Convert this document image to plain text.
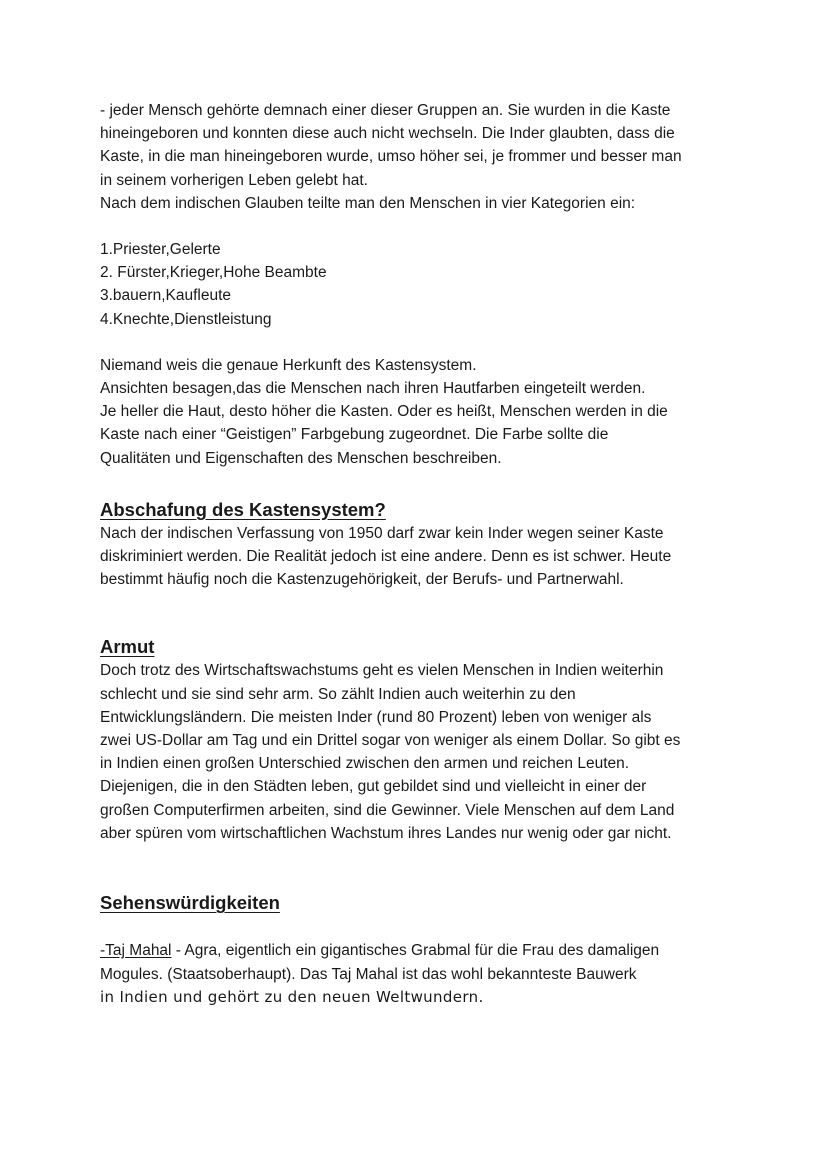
- jeder Mensch gehörte demnach einer dieser Gruppen an. Sie wurden in die Kaste

hineingeboren und konnten diese auch nicht wechseln. Die Inder glaubten, dass die

Kaste, in die man hineingeboren wurde, umso höher sei, je frommer und besser man

in seinem vorherigen Leben gelebt hat.

Nach dem indischen Glauben teilte man den Menschen in vier Kategorien ein:

1.Priester,Gelerte

2. Fürster,Krieger,Hohe Beambte

3.bauern,Kaufleute

4.Knechte,Dienstleistung

Niemand weis die genaue Herkunft des Kastensystem.

Ansichten besagen,das die Menschen nach ihren Hautfarben eingeteilt werden.

Je heller die Haut, desto höher die Kasten. Oder es heißt, Menschen werden in die

Kaste nach einer “Geistigen” Farbgebung zugeordnet. Die Farbe sollte die

Qualitäten und Eigenschaften des Menschen beschreiben.

Abschafung des Kastensystem?

Nach der indischen Verfassung von 1950 darf zwar kein Inder wegen seiner Kaste

diskriminiert werden. Die Realität jedoch ist eine andere. Denn es ist schwer. Heute

bestimmt häufig noch die Kastenzugehörigkeit, der Berufs- und Partnerwahl.

Armut

Doch trotz des Wirtschaftswachstums geht es vielen Menschen in Indien weiterhin

schlecht und sie sind sehr arm. So zählt Indien auch weiterhin zu den

Entwicklungsländern. Die meisten Inder (rund 80 Prozent) leben von weniger als

zwei US-Dollar am Tag und ein Drittel sogar von weniger als einem Dollar. So gibt es

in Indien einen großen Unterschied zwischen den armen und reichen Leuten.

Diejenigen, die in den Städten leben, gut gebildet sind und vielleicht in einer der

großen Computerfirmen arbeiten, sind die Gewinner. Viele Menschen auf dem Land

aber spüren vom wirtschaftlichen Wachstum ihres Landes nur wenig oder gar nicht.

Sehenswürdigkeiten

-Taj Mahal - Agra, eigentlich ein gigantisches Grabmal für die Frau des damaligen

Mogules. (Staatsoberhaupt). Das Taj Mahal ist das wohl bekannteste Bauwerk

in Indien und gehört zu den neuen Weltwundern.
